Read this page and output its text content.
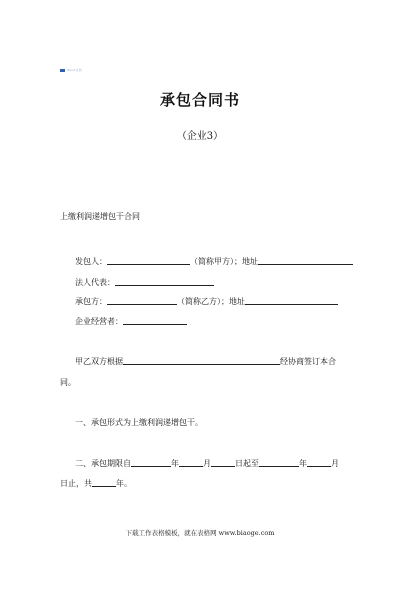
Word文档
承包合同书
（企业3）
上缴利润递增包干合同
发包人：	（简称甲方）；地址
法人代表：
承包方：	（简称乙方）；地址
企业经营者：
甲乙双方根据	经协商签订本合
同。
一、承包形式为上缴利润递增包干。
二、承包期限自	年	月	日起至	年	月
日止，共	年。
下载工作表格模板，就在表格网 www.biaoge.com
